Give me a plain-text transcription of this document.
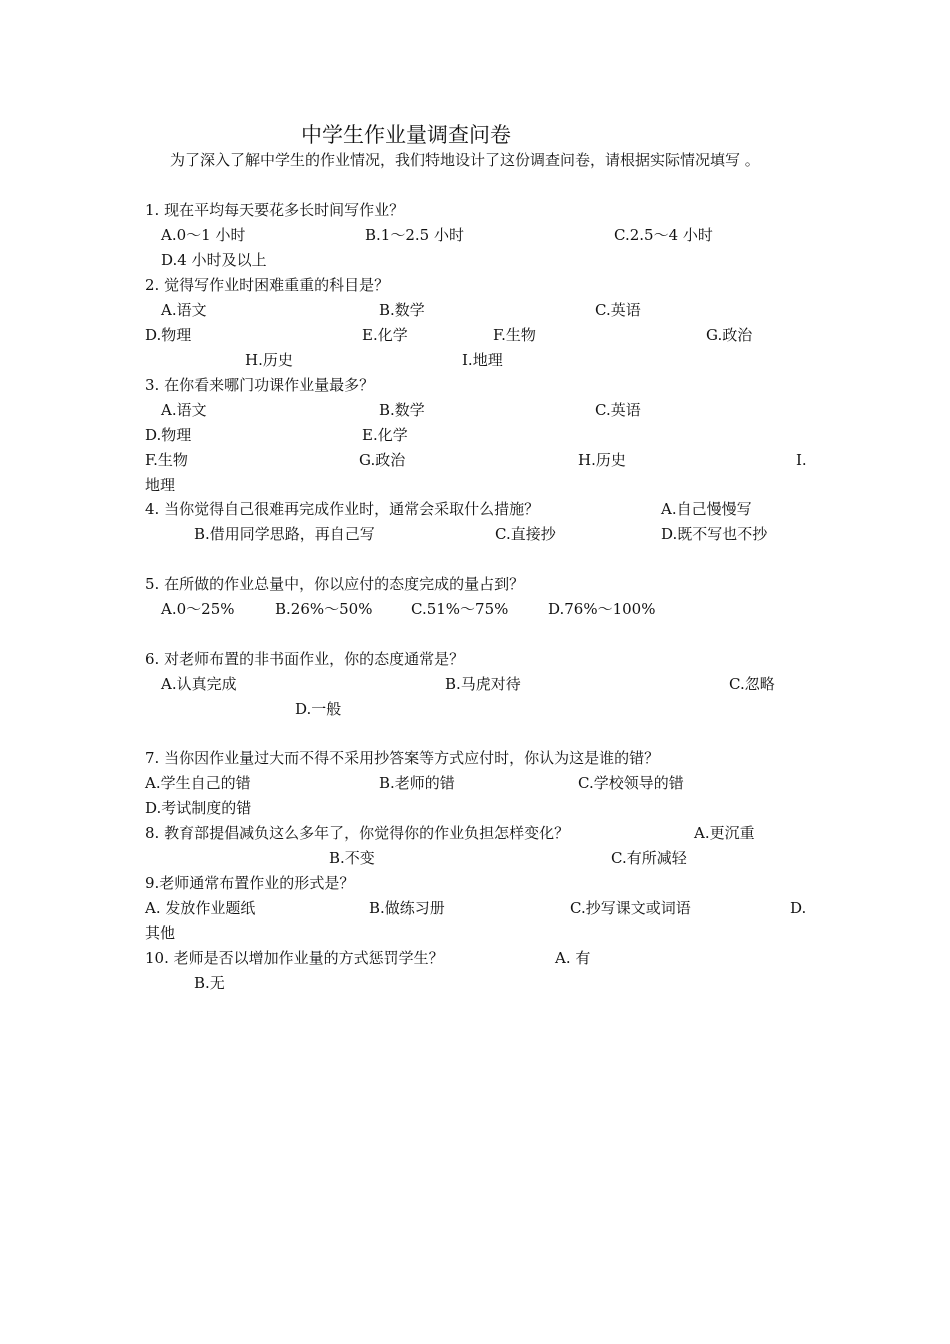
中学生作业量调查问卷
为了深入了解中学生的作业情况，我们特地设计了这份调查问卷，请根据实际情况填写 。
1. 现在平均每天要花多长时间写作业？
A.0～1 小时	B.1～2.5 小时	C.2.5～4 小时
D.4 小时及以上
2. 觉得写作业时困难重重的科目是？
A.语文	B.数学	C.英语
D.物理	E.化学	F.生物	G.政治
H.历史	I.地理
3. 在你看来哪门功课作业量最多？
A.语文	B.数学	C.英语
D.物理	E.化学
F.生物	G.政治	H.历史	I.
地理
4. 当你觉得自己很难再完成作业时，通常会采取什么措施？	A.自己慢慢写
B.借用同学思路，再自己写	C.直接抄	D.既不写也不抄
5. 在所做的作业总量中，你以应付的态度完成的量占到？
A.0～25%	B.26%～50%	C.51%～75%	D.76%～100%
6. 对老师布置的非书面作业，你的态度通常是？
A.认真完成	B.马虎对待	C.忽略
D.一般
7. 当你因作业量过大而不得不采用抄答案等方式应付时，你认为这是谁的错？
A.学生自己的错	B.老师的错	C.学校领导的错
D.考试制度的错
8. 教育部提倡减负这么多年了，你觉得你的作业负担怎样变化？	A.更沉重
B.不变	C.有所减轻
9.老师通常布置作业的形式是？
A. 发放作业题纸	B.做练习册	C.抄写课文或词语	D.
其他
10. 老师是否以增加作业量的方式惩罚学生？	A. 有
B.无
